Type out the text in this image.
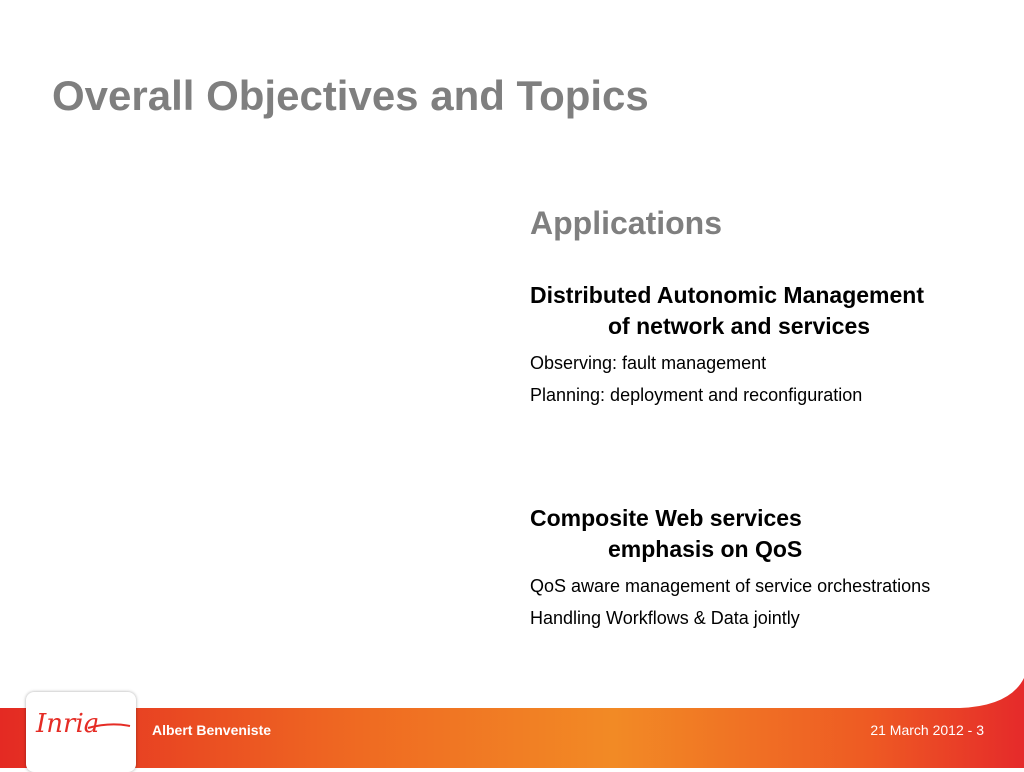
Overall Objectives and Topics
Applications

Distributed Autonomic Management
of network and services

Observing: fault management

Planning: deployment and reconfiguration

Composite Web services
emphasis on QoS

QoS aware management of service orchestrations

Handling Workflows & Data jointly

Inria	Albert Benveniste	21 March 2012 - 3
